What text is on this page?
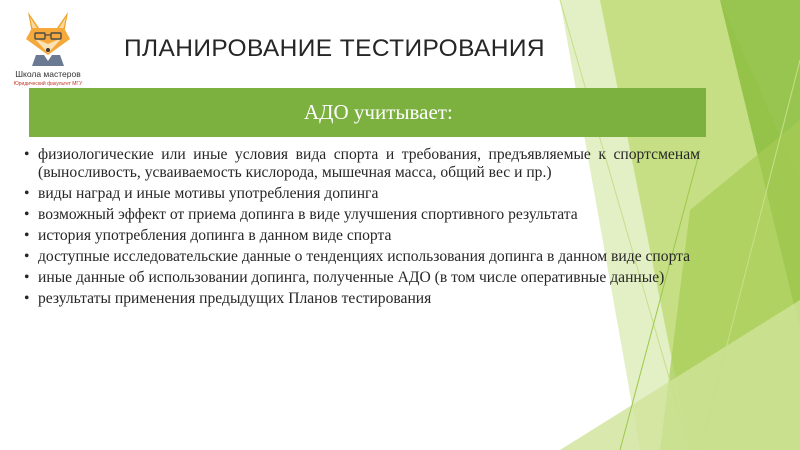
Школа мастеров
Юридический факультет МГУ
ПЛАНИРОВАНИЕ ТЕСТИРОВАНИЯ
АДО учитывает:
• физиологические или иные условия вида спорта и требования, предъявляемые к спортсменам (выносливость, усваиваемость кислорода, мышечная масса, общий вес и пр.)
• виды наград и иные мотивы употребления допинга
• возможный эффект от приема допинга в виде улучшения спортивного результата
• история употребления допинга в данном виде спорта
• доступные исследовательские данные о тенденциях использования допинга в данном виде спорта
• иные данные об использовании допинга, полученные АДО (в том числе оперативные данные)
• результаты применения предыдущих Планов тестирования
